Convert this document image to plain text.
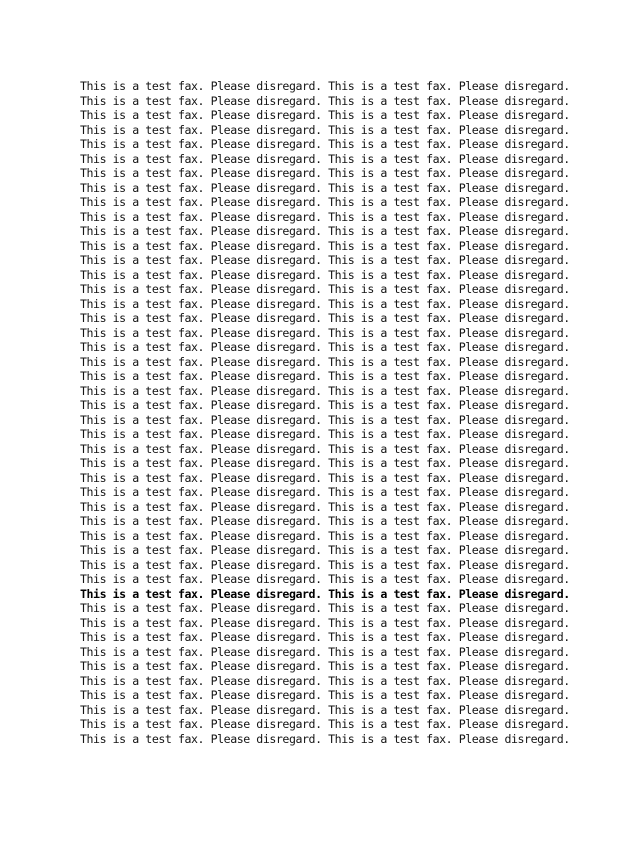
This is a test fax. Please disregard. This is a test fax. Please disregard.
This is a test fax. Please disregard. This is a test fax. Please disregard.
This is a test fax. Please disregard. This is a test fax. Please disregard.
This is a test fax. Please disregard. This is a test fax. Please disregard.
This is a test fax. Please disregard. This is a test fax. Please disregard.
This is a test fax. Please disregard. This is a test fax. Please disregard.
This is a test fax. Please disregard. This is a test fax. Please disregard.
This is a test fax. Please disregard. This is a test fax. Please disregard.
This is a test fax. Please disregard. This is a test fax. Please disregard.
This is a test fax. Please disregard. This is a test fax. Please disregard.
This is a test fax. Please disregard. This is a test fax. Please disregard.
This is a test fax. Please disregard. This is a test fax. Please disregard.
This is a test fax. Please disregard. This is a test fax. Please disregard.
This is a test fax. Please disregard. This is a test fax. Please disregard.
This is a test fax. Please disregard. This is a test fax. Please disregard.
This is a test fax. Please disregard. This is a test fax. Please disregard.
This is a test fax. Please disregard. This is a test fax. Please disregard.
This is a test fax. Please disregard. This is a test fax. Please disregard.
This is a test fax. Please disregard. This is a test fax. Please disregard.
This is a test fax. Please disregard. This is a test fax. Please disregard.
This is a test fax. Please disregard. This is a test fax. Please disregard.
This is a test fax. Please disregard. This is a test fax. Please disregard.
This is a test fax. Please disregard. This is a test fax. Please disregard.
This is a test fax. Please disregard. This is a test fax. Please disregard.
This is a test fax. Please disregard. This is a test fax. Please disregard.
This is a test fax. Please disregard. This is a test fax. Please disregard.
This is a test fax. Please disregard. This is a test fax. Please disregard.
This is a test fax. Please disregard. This is a test fax. Please disregard.
This is a test fax. Please disregard. This is a test fax. Please disregard.
This is a test fax. Please disregard. This is a test fax. Please disregard.
This is a test fax. Please disregard. This is a test fax. Please disregard.
This is a test fax. Please disregard. This is a test fax. Please disregard.
This is a test fax. Please disregard. This is a test fax. Please disregard.
This is a test fax. Please disregard. This is a test fax. Please disregard.
This is a test fax. Please disregard. This is a test fax. Please disregard.
This is a test fax. Please disregard. This is a test fax. Please disregard.
This is a test fax. Please disregard. This is a test fax. Please disregard.
This is a test fax. Please disregard. This is a test fax. Please disregard.
This is a test fax. Please disregard. This is a test fax. Please disregard.
This is a test fax. Please disregard. This is a test fax. Please disregard.
This is a test fax. Please disregard. This is a test fax. Please disregard.
This is a test fax. Please disregard. This is a test fax. Please disregard.
This is a test fax. Please disregard. This is a test fax. Please disregard.
This is a test fax. Please disregard. This is a test fax. Please disregard.
This is a test fax. Please disregard. This is a test fax. Please disregard.
This is a test fax. Please disregard. This is a test fax. Please disregard.
